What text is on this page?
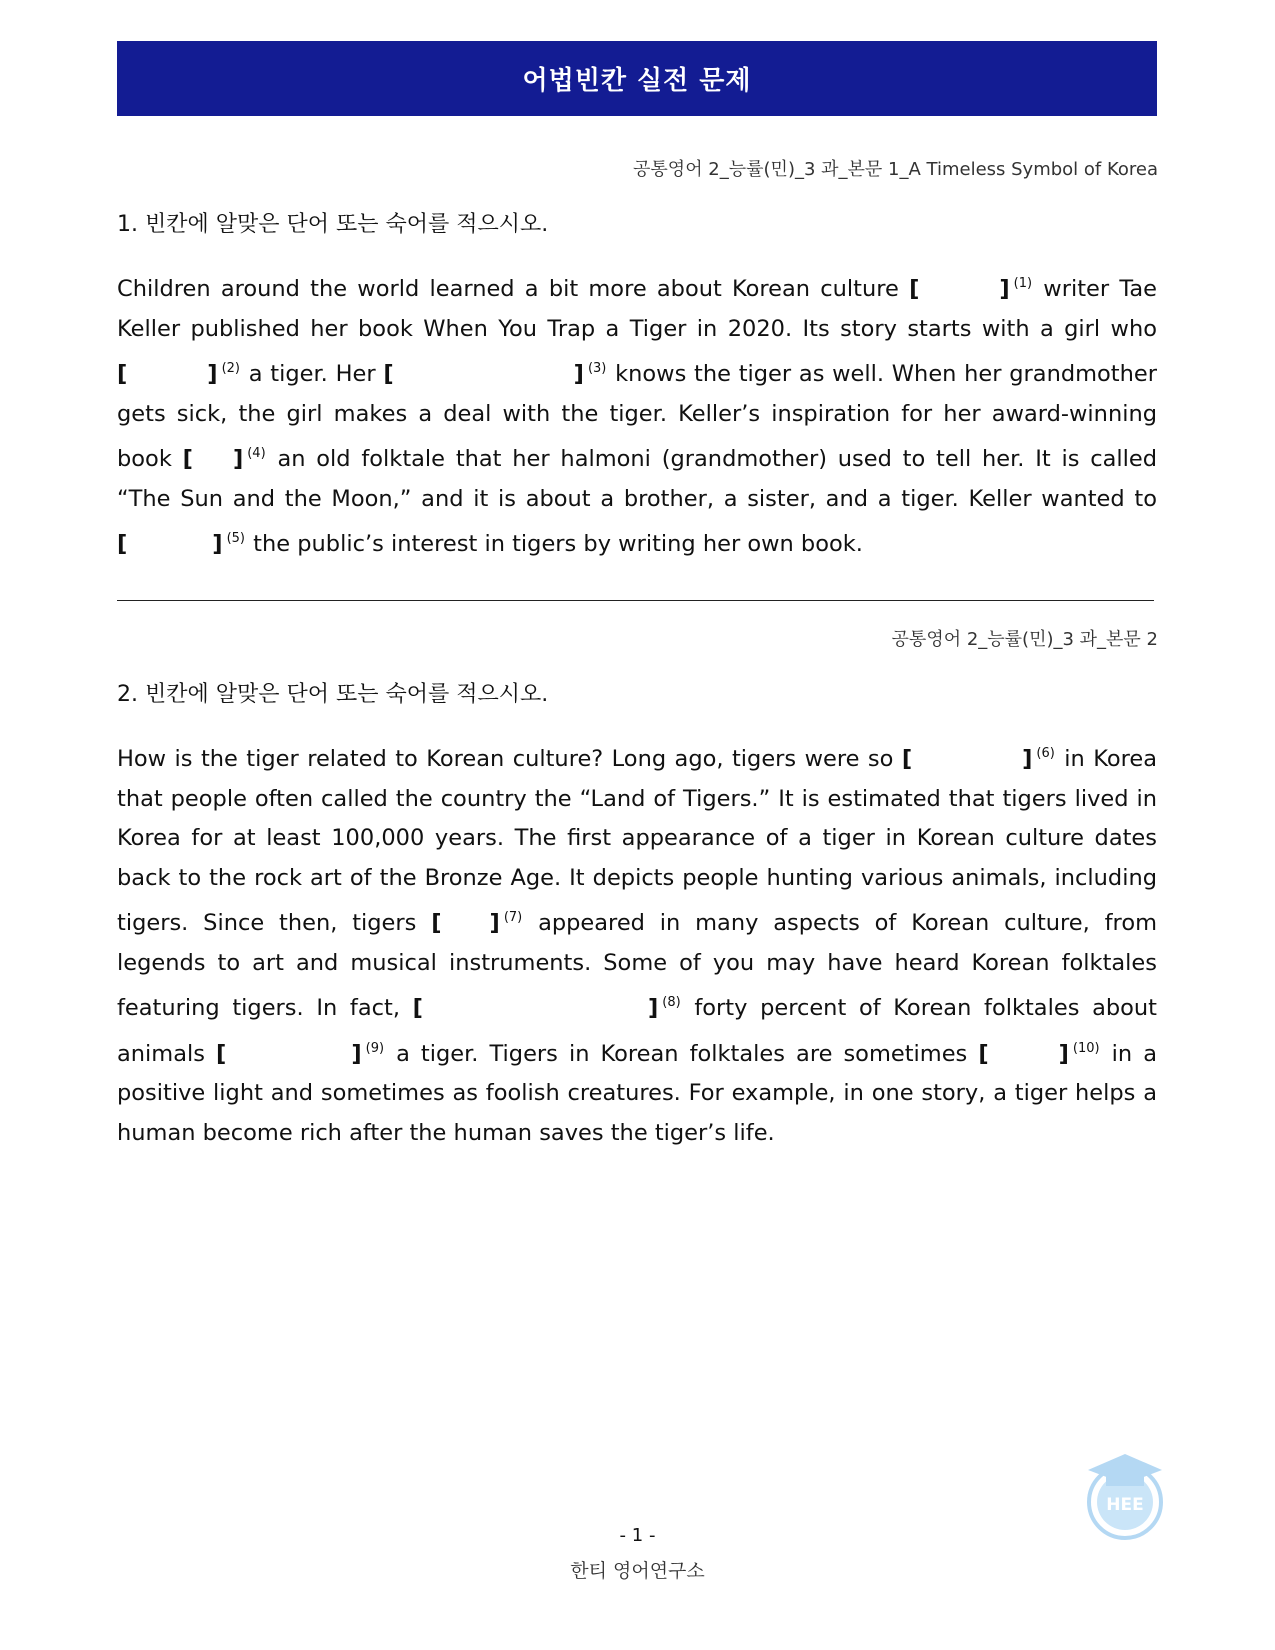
어법빈칸 실전 문제
공통영어 2_능률(민)_3 과_본문 1_A Timeless Symbol of Korea
1. 빈칸에 알맞은 단어 또는 숙어를 적으시오.
Children around the world learned a bit more about Korean culture [	] $^{(1)}$ writer Tae Keller published her book When You Trap a Tiger in 2020. Its story starts with a girl who [	] $^{(2)}$ a tiger. Her [	] $^{(3)}$ knows the tiger as well. When her grandmother gets sick, the girl makes a deal with the tiger. Keller’s inspiration for her award-winning book [ ] $^{(4)}$ an old folktale that her halmoni (grandmother) used to tell her. It is called “The Sun and the Moon,” and it is about a brother, a sister, and a tiger. Keller wanted to [	] $^{(5)}$ the public’s interest in tigers by writing her own book.
공통영어 2_능률(민)_3 과_본문 2
2. 빈칸에 알맞은 단어 또는 숙어를 적으시오.
How is the tiger related to Korean culture? Long ago, tigers were so [	] $^{(6)}$ in Korea that people often called the country the “Land of Tigers.” It is estimated that tigers lived in Korea for at least 100,000 years. The first appearance of a tiger in Korean culture dates back to the rock art of the Bronze Age. It depicts people hunting various animals, including tigers. Since then, tigers [ ] $^{(7)}$ appeared in many aspects of Korean culture, from legends to art and musical instruments. Some of you may have heard Korean folktales featuring tigers. In fact, [	] $^{(8)}$ forty percent of Korean folktales about animals [	] $^{(9)}$ a tiger. Tigers in Korean folktales are sometimes [	] $^{(10)}$ in a positive light and sometimes as foolish creatures. For example, in one story, a tiger helps a human become rich after the human saves the tiger’s life.
HEE
- 1 -
한티 영어연구소
